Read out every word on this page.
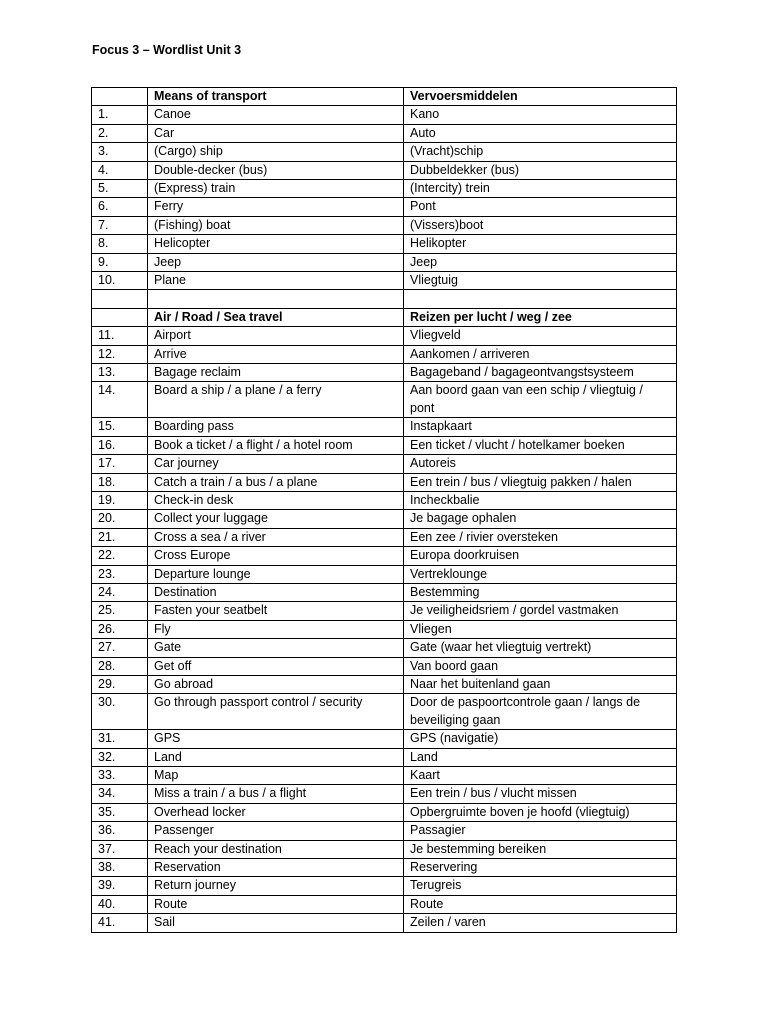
Focus 3 – Wordlist Unit 3
	Means of transport	Vervoersmiddelen
1.	Canoe	Kano
2.	Car	Auto
3.	(Cargo) ship	(Vracht)schip
4.	Double-decker (bus)	Dubbeldekker (bus)
5.	(Express) train	(Intercity) trein
6.	Ferry	Pont
7.	(Fishing) boat	(Vissers)boot
8.	Helicopter	Helikopter
9.	Jeep	Jeep
10.	Plane	Vliegtuig

	Air / Road / Sea travel	Reizen per lucht / weg / zee
11.	Airport	Vliegveld
12.	Arrive	Aankomen / arriveren
13.	Bagage reclaim	Bagageband / bagageontvangstsysteem
14.	Board a ship / a plane / a ferry	Aan boord gaan van een schip / vliegtuig / pont
15.	Boarding pass	Instapkaart
16.	Book a ticket / a flight / a hotel room	Een ticket / vlucht / hotelkamer boeken
17.	Car journey	Autoreis
18.	Catch a train / a bus / a plane	Een trein / bus / vliegtuig pakken / halen
19.	Check-in desk	Incheckbalie
20.	Collect your luggage	Je bagage ophalen
21.	Cross a sea / a river	Een zee / rivier oversteken
22.	Cross Europe	Europa doorkruisen
23.	Departure lounge	Vertreklounge
24.	Destination	Bestemming
25.	Fasten your seatbelt	Je veiligheidsriem / gordel vastmaken
26.	Fly	Vliegen
27.	Gate	Gate (waar het vliegtuig vertrekt)
28.	Get off	Van boord gaan
29.	Go abroad	Naar het buitenland gaan
30.	Go through passport control / security	Door de paspoortcontrole gaan / langs de beveiliging gaan
31.	GPS	GPS (navigatie)
32.	Land	Land
33.	Map	Kaart
34.	Miss a train / a bus / a flight	Een trein / bus / vlucht missen
35.	Overhead locker	Opbergruimte boven je hoofd (vliegtuig)
36.	Passenger	Passagier
37.	Reach your destination	Je bestemming bereiken
38.	Reservation	Reservering
39.	Return journey	Terugreis
40.	Route	Route
41.	Sail	Zeilen / varen
